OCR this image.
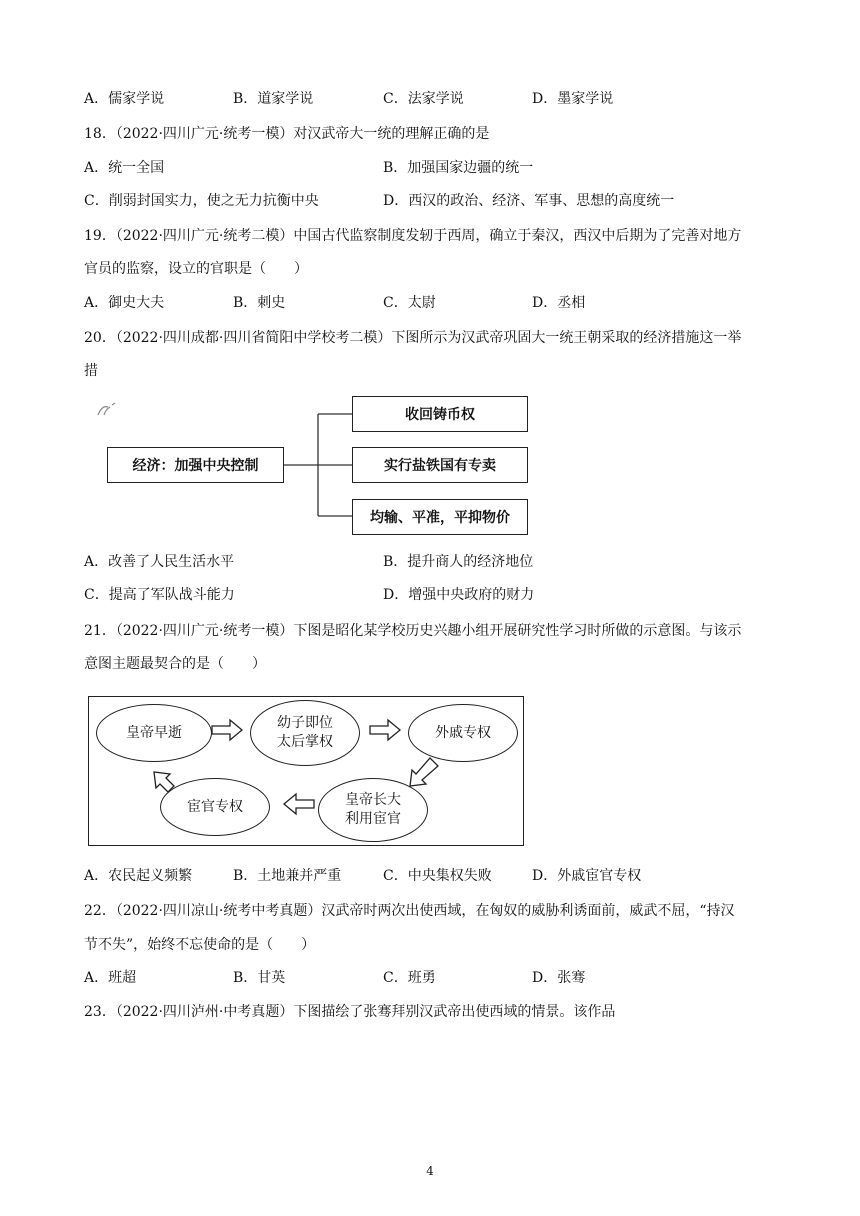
A．儒家学说	B．道家学说	C．法家学说	D．墨家学说
18．（2022·四川广元·统考一模）对汉武帝大一统的理解正确的是
A．统一全国	B．加强国家边疆的统一
C．削弱封国实力，使之无力抗衡中央	D．西汉的政治、经济、军事、思想的高度统一
19．（2022·四川广元·统考二模）中国古代监察制度发轫于西周，确立于秦汉，西汉中后期为了完善对地方
官员的监察，设立的官职是（　　）
A．御史大夫	B．刺史	C．太尉	D．丞相
20．（2022·四川成都·四川省简阳中学校考二模）下图所示为汉武帝巩固大一统王朝采取的经济措施这一举
措
经济：加强中央控制
收回铸币权
实行盐铁国有专卖
均输、平准，平抑物价
A．改善了人民生活水平	B．提升商人的经济地位
C．提高了军队战斗能力	D．增强中央政府的财力
21．（2022·四川广元·统考一模）下图是昭化某学校历史兴趣小组开展研究性学习时所做的示意图。与该示
意图主题最契合的是（　　）
皇帝早逝
幼子即位
太后掌权
外戚专权
皇帝长大
利用宦官
宦官专权
A．农民起义频繁	B．土地兼并严重	C．中央集权失败	D．外戚宦官专权
22．（2022·四川凉山·统考中考真题）汉武帝时两次出使西域，在匈奴的威胁利诱面前，威武不屈，“持汉
节不失”，始终不忘使命的是（　　）
A．班超	B．甘英	C．班勇	D．张骞
23．（2022·四川泸州·中考真题）下图描绘了张骞拜别汉武帝出使西域的情景。该作品
4
